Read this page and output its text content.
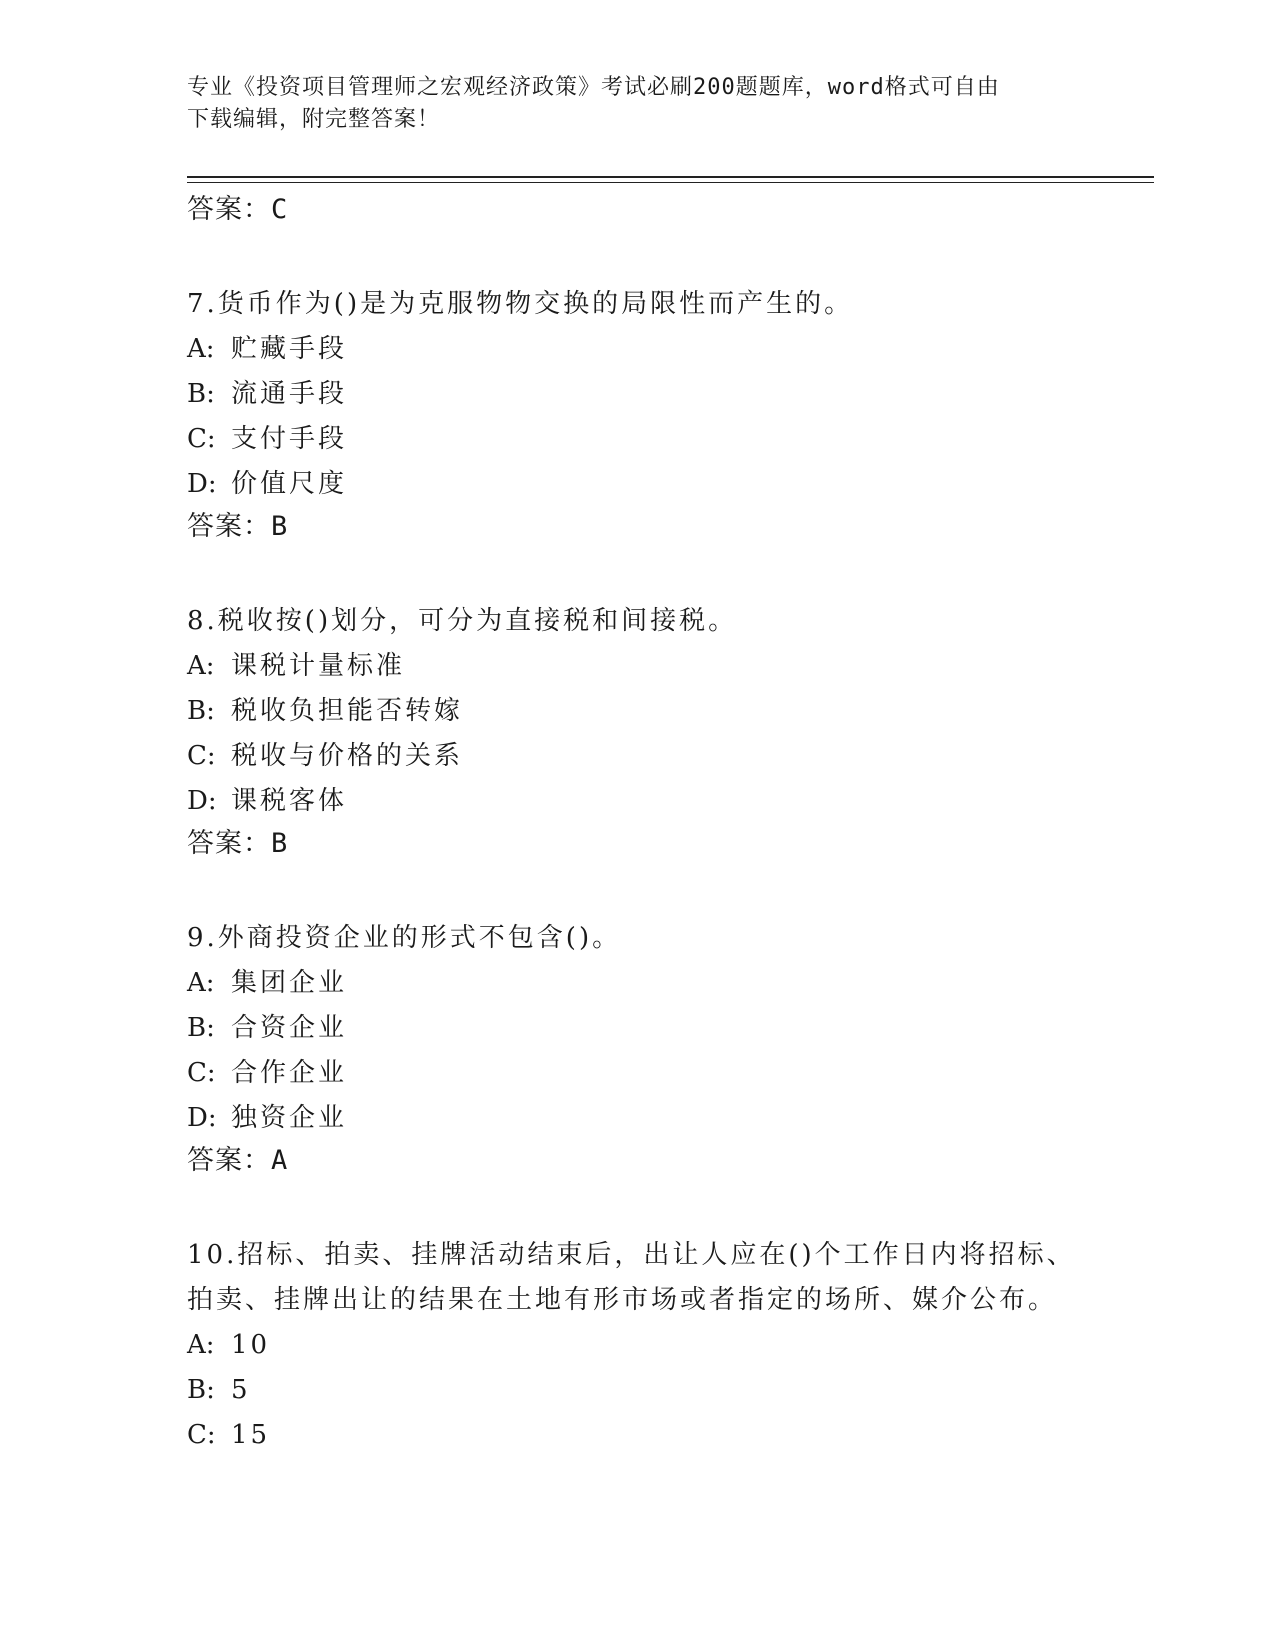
专业《投资项目管理师之宏观经济政策》考试必刷200题题库，word格式可自由
下载编辑，附完整答案！
答案：C

7.货币作为()是为克服物物交换的局限性而产生的。

A: 贮藏手段

B: 流通手段

C: 支付手段

D: 价值尺度

答案：B

8.税收按()划分，可分为直接税和间接税。

A: 课税计量标准

B: 税收负担能否转嫁

C: 税收与价格的关系

D: 课税客体

答案：B

9.外商投资企业的形式不包含()。

A: 集团企业

B: 合资企业

C: 合作企业

D: 独资企业

答案：A

10.招标、拍卖、挂牌活动结束后，出让人应在()个工作日内将招标、

拍卖、挂牌出让的结果在土地有形市场或者指定的场所、媒介公布。

A: 10

B: 5

C: 15
